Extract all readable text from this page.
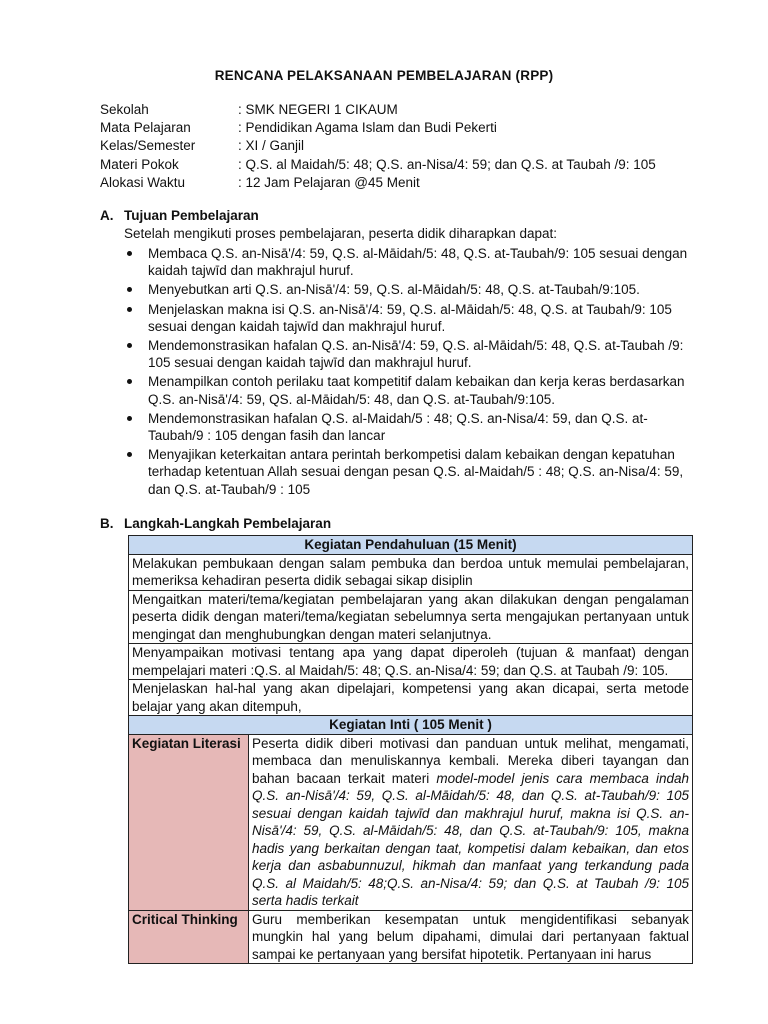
RENCANA PELAKSANAAN PEMBELAJARAN (RPP)
Sekolah	: SMK NEGERI 1 CIKAUM
Mata Pelajaran	: Pendidikan Agama Islam dan Budi Pekerti
Kelas/Semester	: XI / Ganjil
Materi Pokok	: Q.S. al Maidah/5: 48; Q.S. an-Nisa/4: 59; dan Q.S. at Taubah /9: 105
Alokasi Waktu	: 12 Jam Pelajaran @45 Menit
A. Tujuan Pembelajaran
Setelah mengikuti proses pembelajaran, peserta didik diharapkan dapat:
Membaca Q.S. an-Nisā'/4: 59, Q.S. al-Māidah/5: 48, Q.S. at-Taubah/9: 105 sesuai dengan kaidah tajwīd dan makhrajul huruf.
Menyebutkan arti Q.S. an-Nisā'/4: 59, Q.S. al-Māidah/5: 48, Q.S. at-Taubah/9:105.
Menjelaskan makna isi Q.S. an-Nisā'/4: 59, Q.S. al-Māidah/5: 48, Q.S. at Taubah/9: 105 sesuai dengan kaidah tajwīd dan makhrajul huruf.
Mendemonstrasikan hafalan Q.S. an-Nisā'/4: 59, Q.S. al-Māidah/5: 48, Q.S. at-Taubah /9: 105 sesuai dengan kaidah tajwīd dan makhrajul huruf.
Menampilkan contoh perilaku taat kompetitif dalam kebaikan dan kerja keras berdasarkan Q.S. an-Nisā'/4: 59, QS. al-Māidah/5: 48, dan Q.S. at-Taubah/9:105.
Mendemonstrasikan hafalan Q.S. al-Maidah/5 : 48; Q.S. an-Nisa/4: 59, dan Q.S. at-Taubah/9 : 105 dengan fasih dan lancar
Menyajikan keterkaitan antara perintah berkompetisi dalam kebaikan dengan kepatuhan terhadap ketentuan Allah sesuai dengan pesan Q.S. al-Maidah/5 : 48; Q.S. an-Nisa/4: 59, dan Q.S. at-Taubah/9 : 105
B. Langkah-Langkah Pembelajaran
Kegiatan Pendahuluan (15 Menit)	
Melakukan pembukaan dengan salam pembuka dan berdoa untuk memulai pembelajaran, memeriksa kehadiran peserta didik sebagai sikap disiplin	
Mengaitkan materi/tema/kegiatan pembelajaran yang akan dilakukan dengan pengalaman peserta didik dengan materi/tema/kegiatan sebelumnya serta mengajukan pertanyaan untuk mengingat dan menghubungkan dengan materi selanjutnya.	
Menyampaikan motivasi tentang apa yang dapat diperoleh (tujuan & manfaat) dengan mempelajari materi :Q.S. al Maidah/5: 48; Q.S. an-Nisa/4: 59; dan Q.S. at Taubah /9: 105.	
Menjelaskan hal-hal yang akan dipelajari, kompetensi yang akan dicapai, serta metode belajar yang akan ditempuh,	
Kegiatan Inti ( 105 Menit )	
Kegiatan Literasi	Peserta didik diberi motivasi dan panduan untuk melihat, mengamati, membaca dan menuliskannya kembali. Mereka diberi tayangan dan bahan bacaan terkait materi model-model jenis cara membaca indah Q.S. an-Nisā'/4: 59, Q.S. al-Māidah/5: 48, dan Q.S. at-Taubah/9: 105 sesuai dengan kaidah tajwīd dan makhrajul huruf, makna isi Q.S. an-Nisā'/4: 59, Q.S. al-Māidah/5: 48, dan Q.S. at-Taubah/9: 105, makna hadis yang berkaitan dengan taat, kompetisi dalam kebaikan, dan etos kerja dan asbabunnuzul, hikmah dan manfaat yang terkandung pada Q.S. al Maidah/5: 48;Q.S. an-Nisa/4: 59; dan Q.S. at Taubah /9: 105 serta hadis terkait
Critical Thinking	Guru memberikan kesempatan untuk mengidentifikasi sebanyak mungkin hal yang belum dipahami, dimulai dari pertanyaan faktual sampai ke pertanyaan yang bersifat hipotetik. Pertanyaan ini harus
